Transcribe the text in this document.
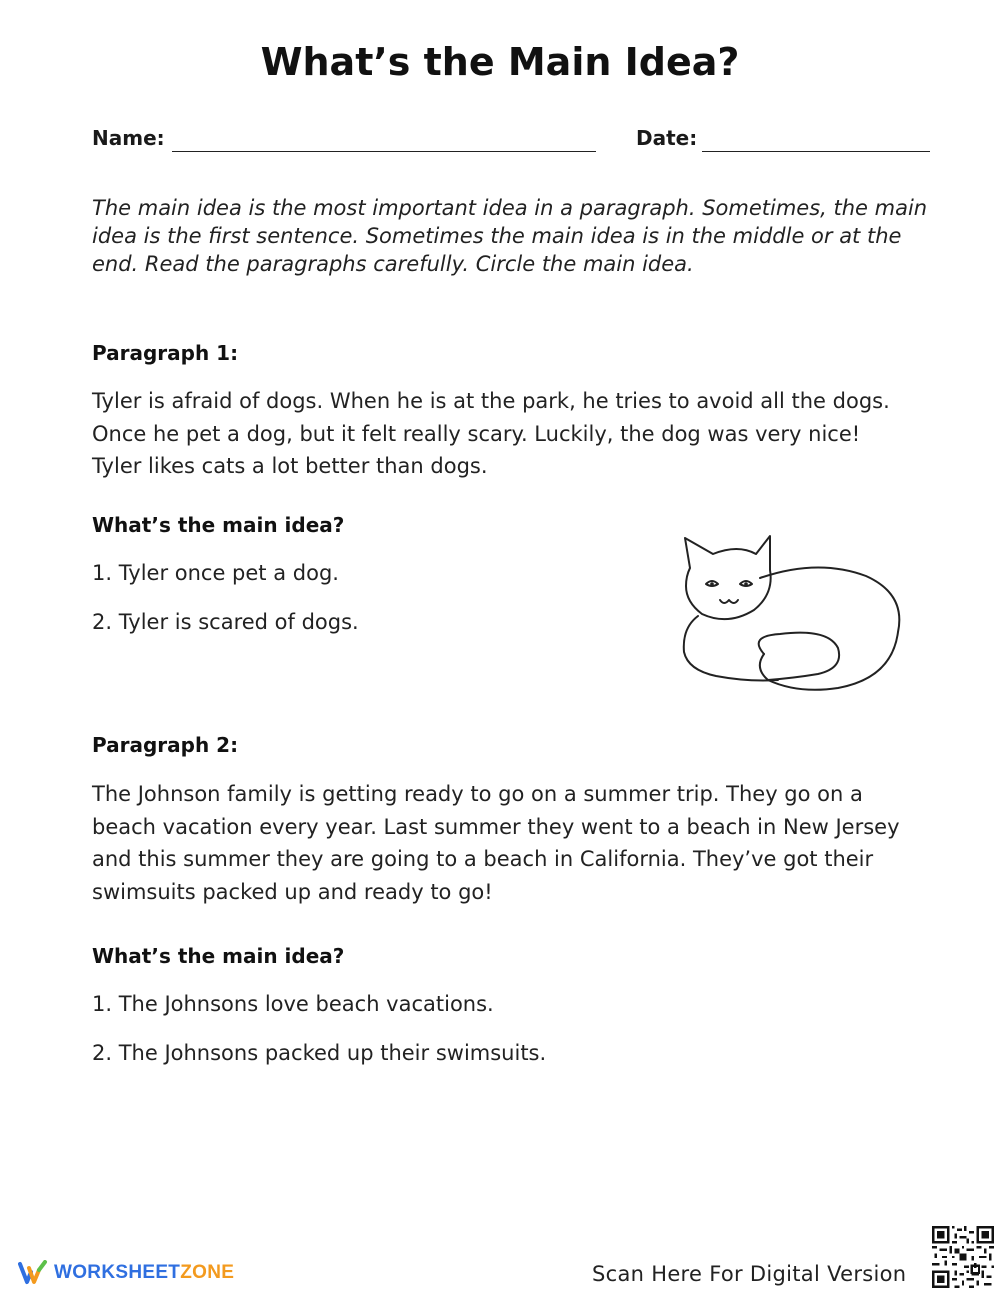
What’s the Main Idea?
Name:	Date:
The main idea is the most important idea in a paragraph. Sometimes, the main idea is the first sentence. Sometimes the main idea is in the middle or at the end. Read the paragraphs carefully. Circle the main idea.
Paragraph 1:
Tyler is afraid of dogs. When he is at the park, he tries to avoid all the dogs.
Once he pet a dog, but it felt really scary. Luckily, the dog was very nice!
Tyler likes cats a lot better than dogs.
What’s the main idea?
1. Tyler once pet a dog.
2. Tyler is scared of dogs.
Paragraph 2:
The Johnson family is getting ready to go on a summer trip. They go on a
beach vacation every year. Last summer they went to a beach in New Jersey
and this summer they are going to a beach in California. They’ve got their
swimsuits packed up and ready to go!
What’s the main idea?
1. The Johnsons love beach vacations.
2. The Johnsons packed up their swimsuits.
WORKSHEETZONE	Scan Here For Digital Version
